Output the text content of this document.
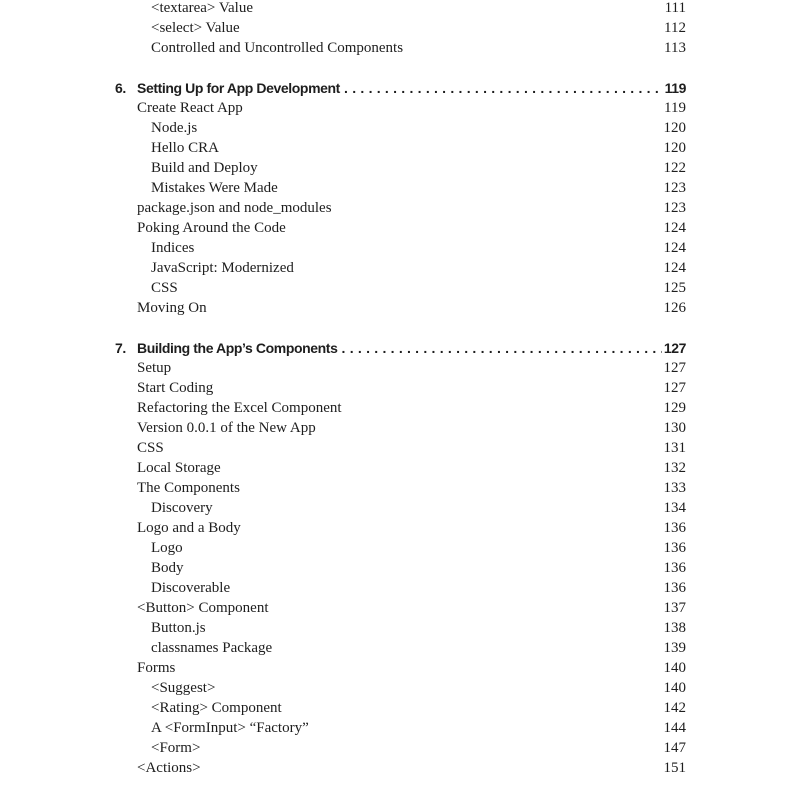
<textarea> Value	111
<select> Value	112
Controlled and Uncontrolled Components	113
6. Setting Up for App Development . . .	119
Create React App	119
Node.js	120
Hello CRA	120
Build and Deploy	122
Mistakes Were Made	123
package.json and node_modules	123
Poking Around the Code	124
Indices	124
JavaScript: Modernized	124
CSS	125
Moving On	126
7. Building the App’s Components . . .	127
Setup	127
Start Coding	127
Refactoring the Excel Component	129
Version 0.0.1 of the New App	130
CSS	131
Local Storage	132
The Components	133
Discovery	134
Logo and a Body	136
Logo	136
Body	136
Discoverable	136
<Button> Component	137
Button.js	138
classnames Package	139
Forms	140
<Suggest>	140
<Rating> Component	142
A <FormInput> “Factory”	144
<Form>	147
<Actions>	151
